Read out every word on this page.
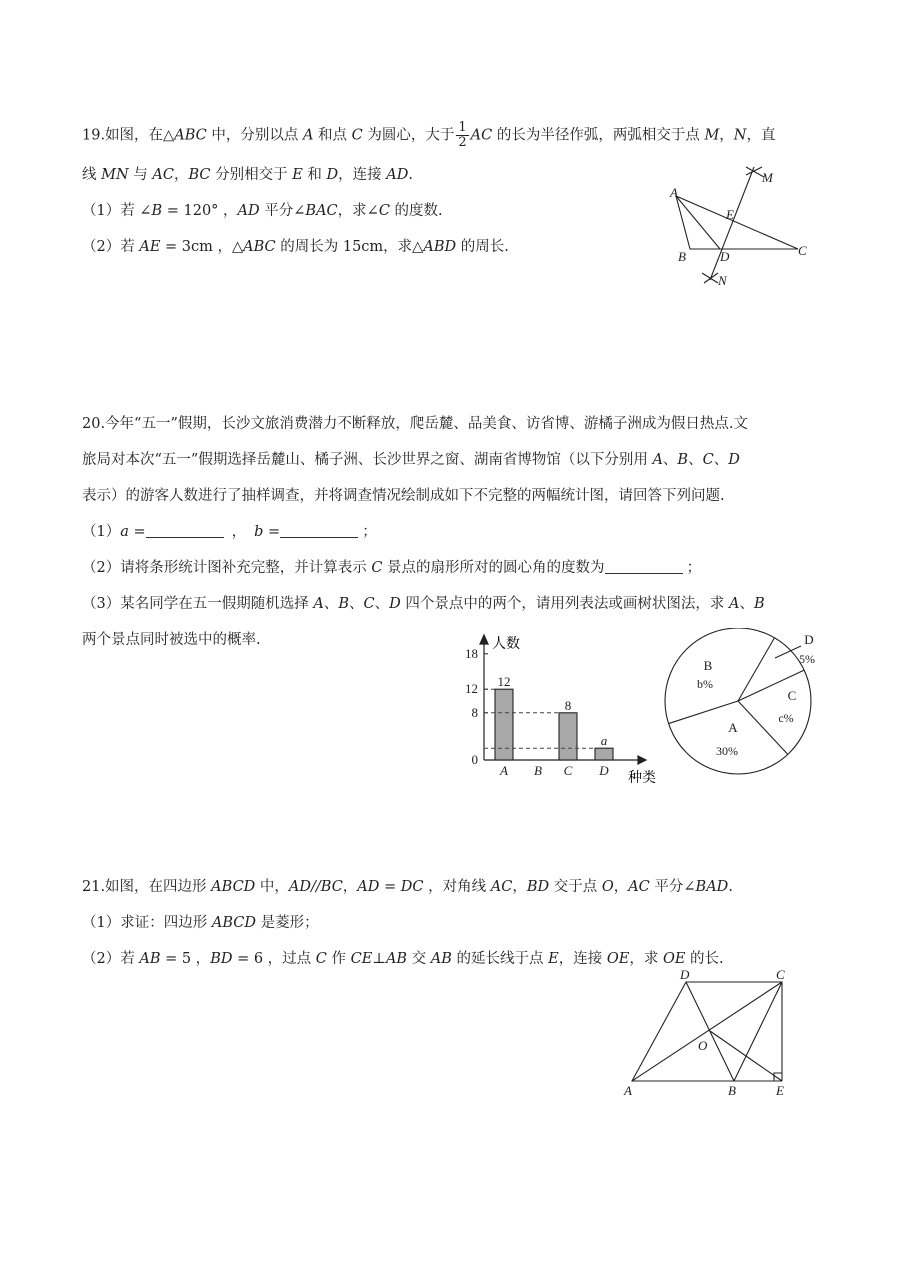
19.如图，在△ABC 中，分别以点 A 和点 C 为圆心，大于 $\frac{1}{2}$ AC 的长为半径作弧，两弧相交于点 M，N，直
线 MN 与 AC，BC 分别相交于 E 和 D，连接 AD.
（1）若 ∠B = 120° ，AD 平分∠BAC，求∠C 的度数.
（2）若 AE = 3cm ，△ABC 的周长为 15cm，求△ABD 的周长.
A
B	C
D
E
M
N
20.今年“五一”假期，长沙文旅消费潜力不断释放，爬岳麓、品美食、访省博、游橘子洲成为假日热点.文
旅局对本次“五一”假期选择岳麓山、橘子洲、长沙世界之窗、湖南省博物馆（以下分别用 A、B、C、D
表示）的游客人数进行了抽样调查，并将调查情况绘制成如下不完整的两幅统计图，请回答下列问题.
（1）a =	， b =	；
（2）请将条形统计图补充完整，并计算表示 C 景点的扇形所对的圆心角的度数为	；
（3）某名同学在五一假期随机选择 A、B、C、D 四个景点中的两个，请用列表法或画树状图法，求 A、B
两个景点同时被选中的概率.	人数
种类
0
8
12
18
12
A B
8
C
a
D
A
30%
B
b%
C
c%
D
5%
21.如图，在四边形 ABCD 中，AD//BC，AD = DC ，对角线 AC，BD 交于点 O，AC 平分∠BAD.
（1）求证：四边形 ABCD 是菱形；
（2）若 AB = 5 ，BD = 6 ，过点 C 作 CE⊥AB 交 AB 的延长线于点 E，连接 OE，求 OE 的长.
A	B
C
D
E
O
